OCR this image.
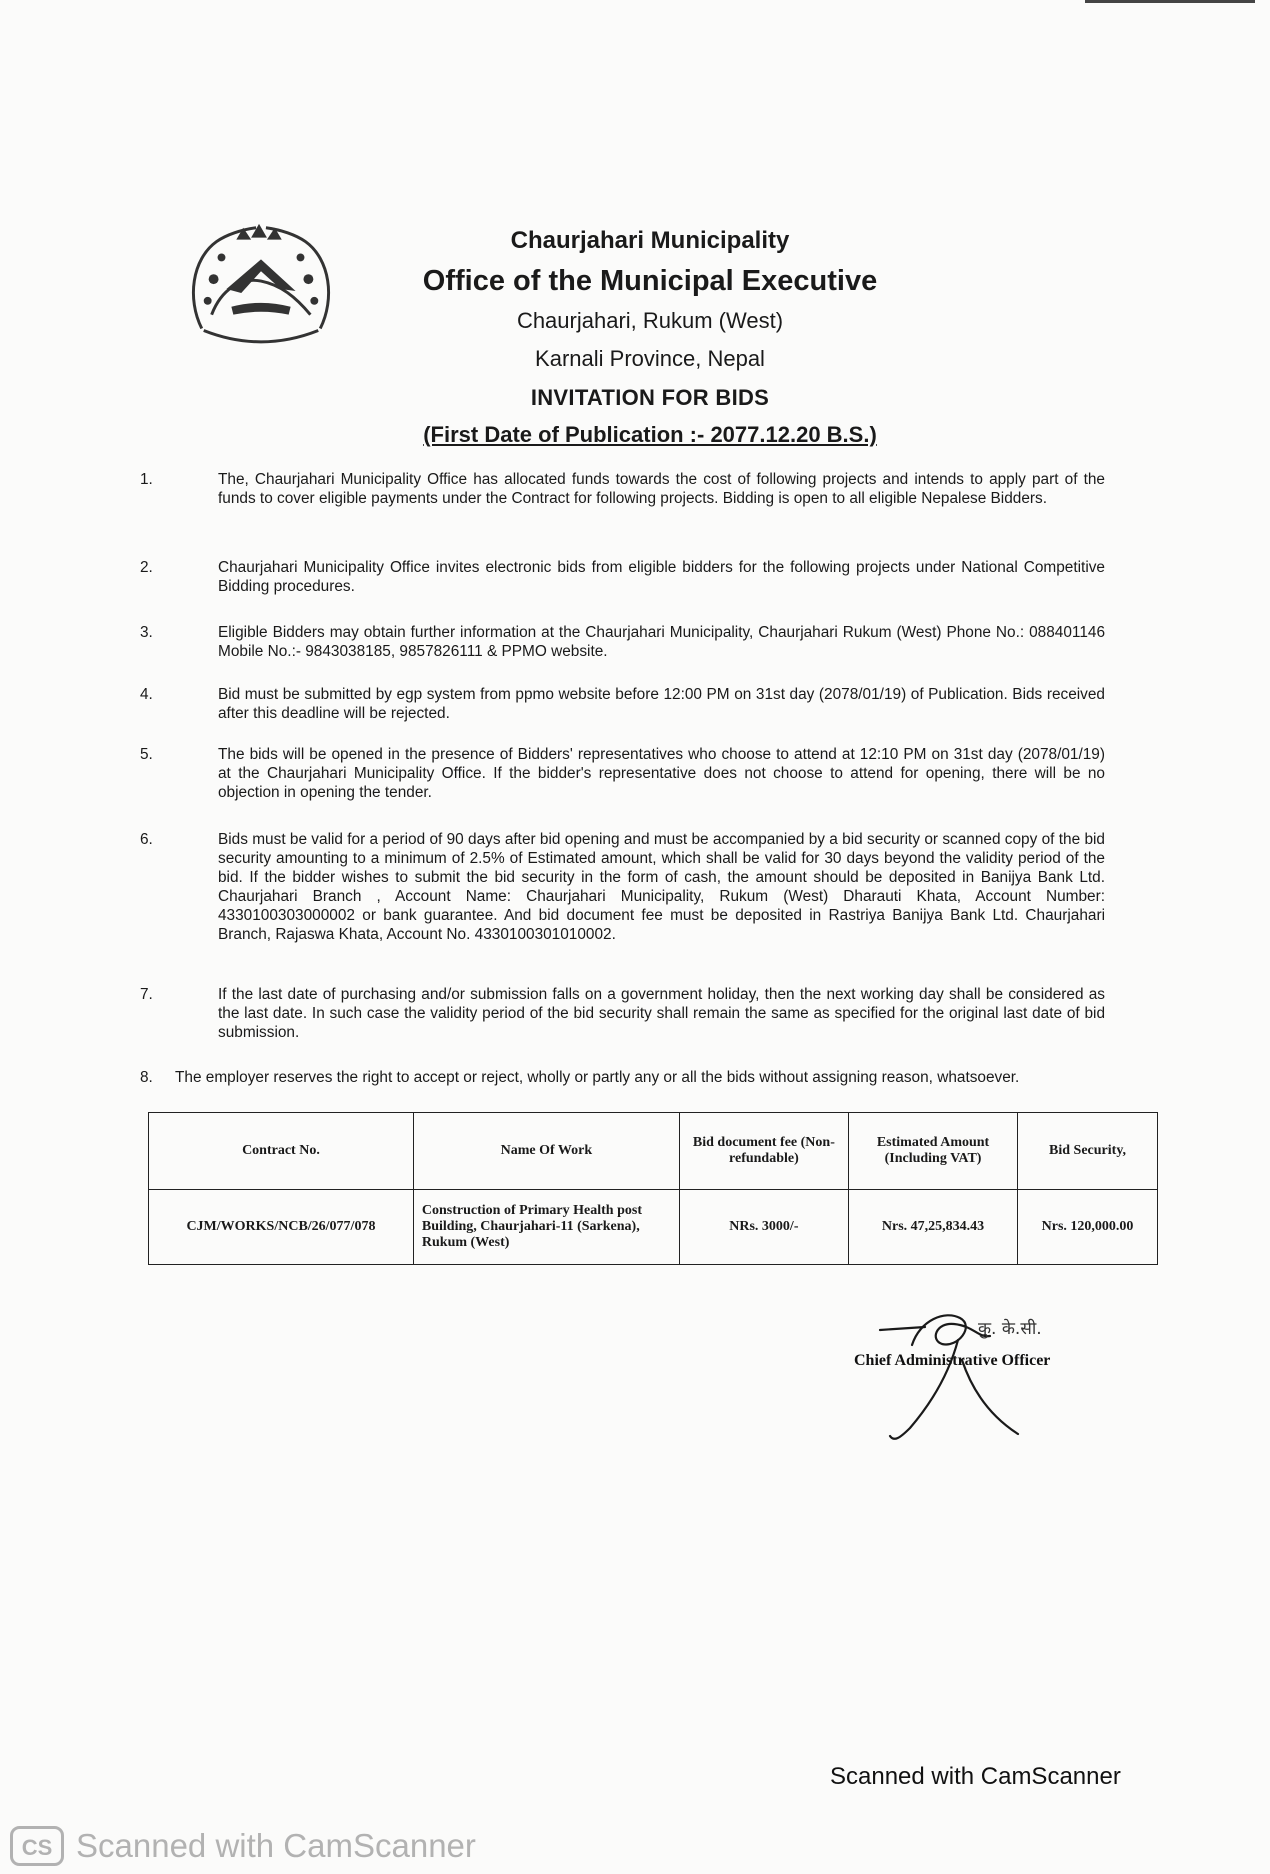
Chaurjahari Municipality

Office of the Municipal Executive

Chaurjahari, Rukum (West)

Karnali Province, Nepal

INVITATION FOR BIDS

(First Date of Publication :- 2077.12.20 B.S.)

1.	The, Chaurjahari Municipality Office has allocated funds towards the cost of following projects and intends to apply part of the funds to cover eligible payments under the Contract for following projects. Bidding is open to all eligible Nepalese Bidders.
2.	Chaurjahari Municipality Office invites electronic bids from eligible bidders for the following projects under National Competitive Bidding procedures.
3.	Eligible Bidders may obtain further information at the Chaurjahari Municipality, Chaurjahari Rukum (West) Phone No.: 088401146 Mobile No.:- 9843038185, 9857826111 & PPMO website.
4.	Bid must be submitted by egp system from ppmo website before 12:00 PM on 31st day (2078/01/19) of Publication. Bids received after this deadline will be rejected.
5.	The bids will be opened in the presence of Bidders' representatives who choose to attend at 12:10 PM on 31st day (2078/01/19) at the Chaurjahari Municipality Office. If the bidder's representative does not choose to attend for opening, there will be no objection in opening the tender.
6.	Bids must be valid for a period of 90 days after bid opening and must be accompanied by a bid security or scanned copy of the bid security amounting to a minimum of 2.5% of Estimated amount, which shall be valid for 30 days beyond the validity period of the bid. If the bidder wishes to submit the bid security in the form of cash, the amount should be deposited in Banijya Bank Ltd. Chaurjahari Branch , Account Name: Chaurjahari Municipality, Rukum (West) Dharauti Khata, Account Number: 4330100303000002 or bank guarantee. And bid document fee must be deposited in Rastriya Banijya Bank Ltd. Chaurjahari Branch, Rajaswa Khata, Account No. 4330100301010002.
7.	If the last date of purchasing and/or submission falls on a government holiday, then the next working day shall be considered as the last date. In such case the validity period of the bid security shall remain the same as specified for the original last date of bid submission.
8.	The employer reserves the right to accept or reject, wholly or partly any or all the bids without assigning reason, whatsoever.
Contract No.	Name Of Work	Bid document fee (Non-refundable)	Estimated Amount (Including VAT)	Bid Security,
CJM/WORKS/NCB/26/077/078	Construction of Primary Health post Building, Chaurjahari-11 (Sarkena), Rukum (West)	NRs. 3000/-	Nrs. 47,25,834.43	Nrs. 120,000.00
कु. के.सी.
Chief Administrative Officer
Scanned with CamScanner
CS Scanned with CamScanner
